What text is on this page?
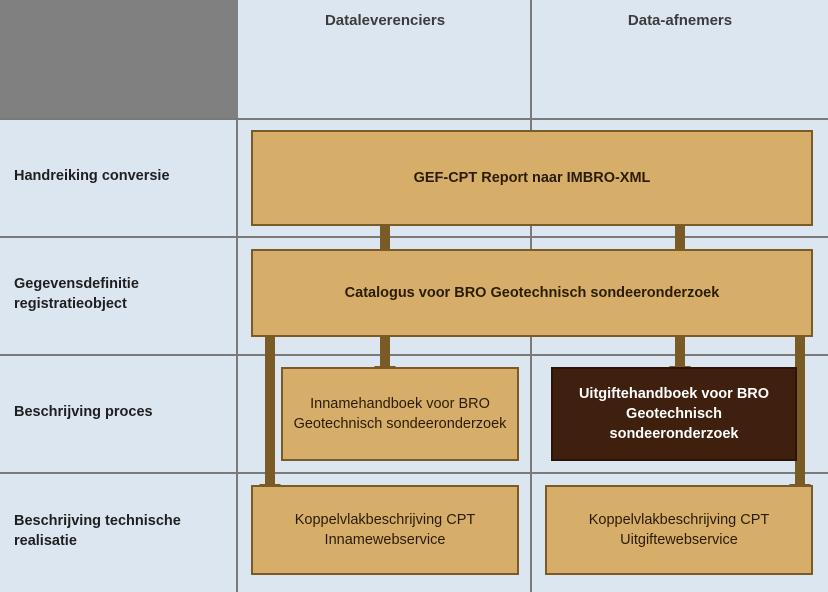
Dataleverenciers	Data-afnemers
Handreiking conversie
Gegevensdefinitie registratieobject
Beschrijving proces
Beschrijving technische realisatie
GEF-CPT Report naar IMBRO-XML
Catalogus voor BRO Geotechnisch sondeeronderzoek
Innamehandboek voor BRO Geotechnisch sondeeronderzoek
Uitgiftehandboek voor BRO Geotechnisch sondeeronderzoek
Koppelvlakbeschrijving CPT Innamewebservice
Koppelvlakbeschrijving CPT Uitgiftewebservice
